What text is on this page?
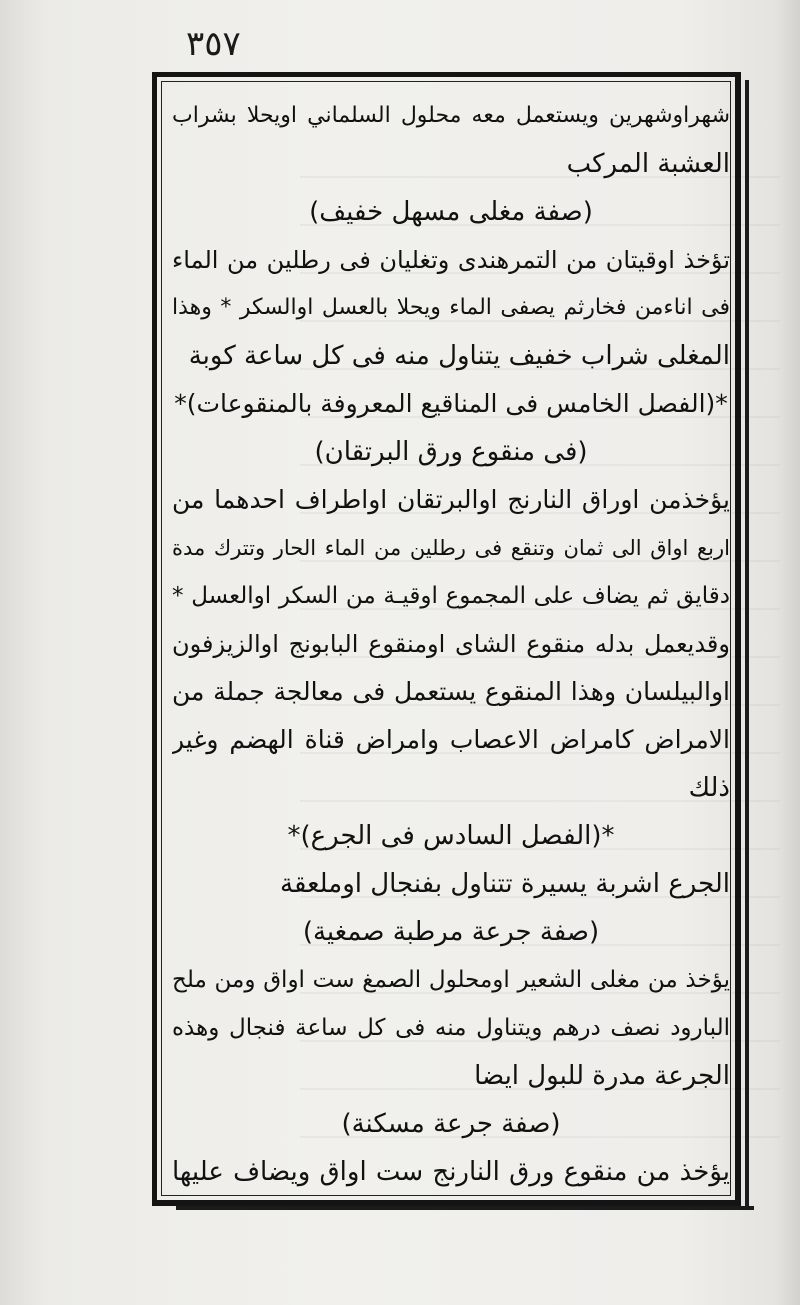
٣٥٧
شهراوشهرين ويستعمل معه محلول السلماني اويحلا بشراب
العشبة المركب
(صفة مغلى مسهل خفيف)
تؤخذ اوقيتان من التمرهندى وتغليان فى رطلين من الماء
فى اناءمن فخارثم يصفى الماء ويحلا بالعسل اوالسكر * وهذا
المغلى شراب خفيف يتناول منه فى كل ساعة كوبة
*(الفصل الخامس فى المناقيع المعروفة بالمنقوعات)*
(فى منقوع ورق البرتقان)
يؤخذمن اوراق النارنج اوالبرتقان اواطراف احدهما من
اربع اواق الى ثمان وتنقع فى رطلين من الماء الحار وتترك مدة
دقايق ثم يضاف على المجموع اوقيـة من السكر اوالعسل *
وقديعمل بدله منقوع الشاى اومنقوع البابونج اوالزيزفون
اوالبيلسان وهذا المنقوع يستعمل فى معالجة جملة من
الامراض كامراض الاعصاب وامراض قناة الهضم وغير
ذلك
*(الفصل السادس فى الجرع)*
الجرع اشربة يسيرة تتناول بفنجال اوملعقة
(صفة جرعة مرطبة صمغية)
يؤخذ من مغلى الشعير اومحلول الصمغ ست اواق ومن ملح
البارود نصف درهم ويتناول منه فى كل ساعة فنجال وهذه
الجرعة مدرة للبول ايضا
(صفة جرعة مسكنة)
يؤخذ من منقوع ورق النارنج ست اواق ويضاف عليها
